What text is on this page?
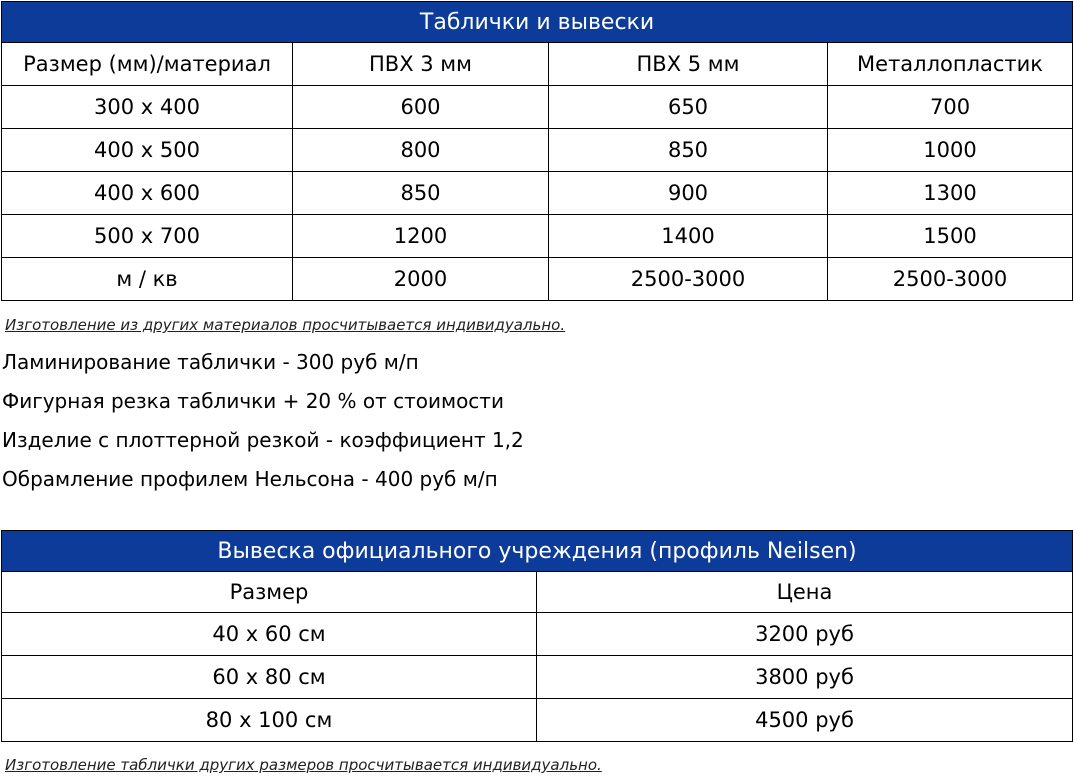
Таблички и вывески			
Размер (мм)/материал	ПВХ 3 мм	ПВХ 5 мм	Металлопластик
300 x 400	600	650	700
400 x 500	800	850	1000
400 x 600	850	900	1300
500 x 700	1200	1400	1500
м / кв	2000	2500-3000	2500-3000
Изготовление из других материалов просчитывается индивидуально.
Ламинирование таблички - 300 руб м/п
Фигурная резка таблички + 20 % от стоимости
Изделие с плоттерной резкой - коэффициент 1,2
Обрамление профилем Нельсона - 400 руб м/п
Вывеска официального учреждения (профиль Neilsen)	
Размер	Цена
40 x 60 см	3200 руб
60 x 80 см	3800 руб
80 x 100 см	4500 руб
Изготовление таблички других размеров просчитывается индивидуально.
